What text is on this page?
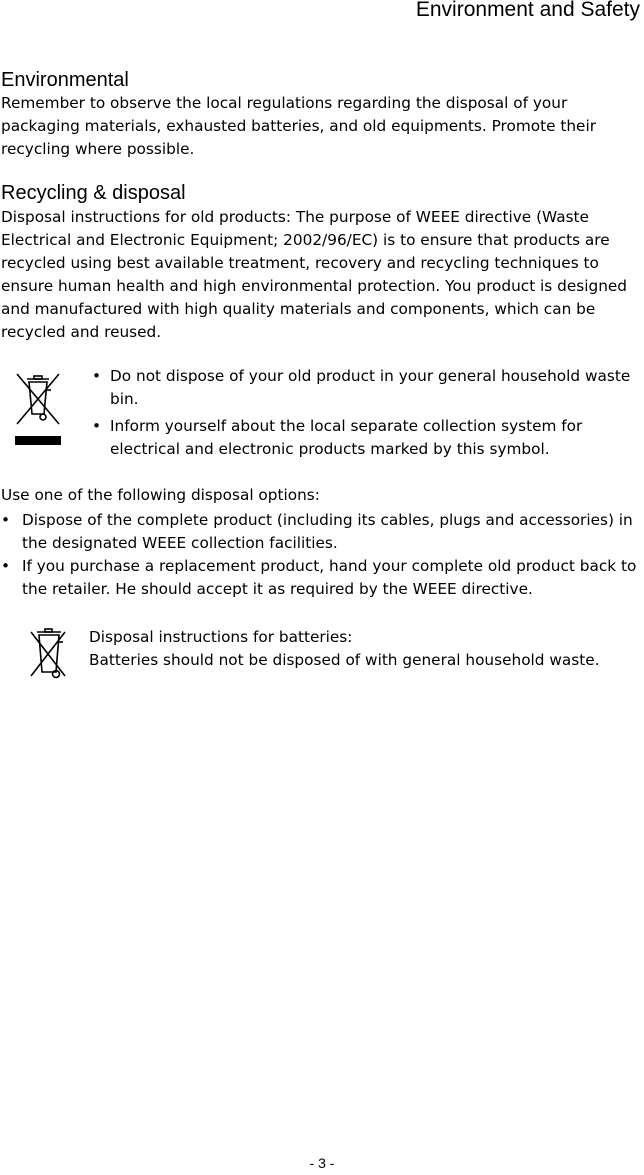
Environment and Safety
Environmental

Remember to observe the local regulations regarding the disposal of your packaging materials, exhausted batteries, and old equipments. Promote their recycling where possible.

Recycling & disposal

Disposal instructions for old products: The purpose of WEEE directive (Waste Electrical and Electronic Equipment; 2002/96/EC) is to ensure that products are recycled using best available treatment, recovery and recycling techniques to ensure human health and high environmental protection. You product is designed and manufactured with high quality materials and components, which can be recycled and reused.

• Do not dispose of your old product in your general household waste bin.
• Inform yourself about the local separate collection system for electrical and electronic products marked by this symbol.

Use one of the following disposal options:

• Dispose of the complete product (including its cables, plugs and accessories) in the designated WEEE collection facilities.
• If you purchase a replacement product, hand your complete old product back to the retailer. He should accept it as required by the WEEE directive.

Disposal instructions for batteries:

Batteries should not be disposed of with general household waste.

- 3 -
